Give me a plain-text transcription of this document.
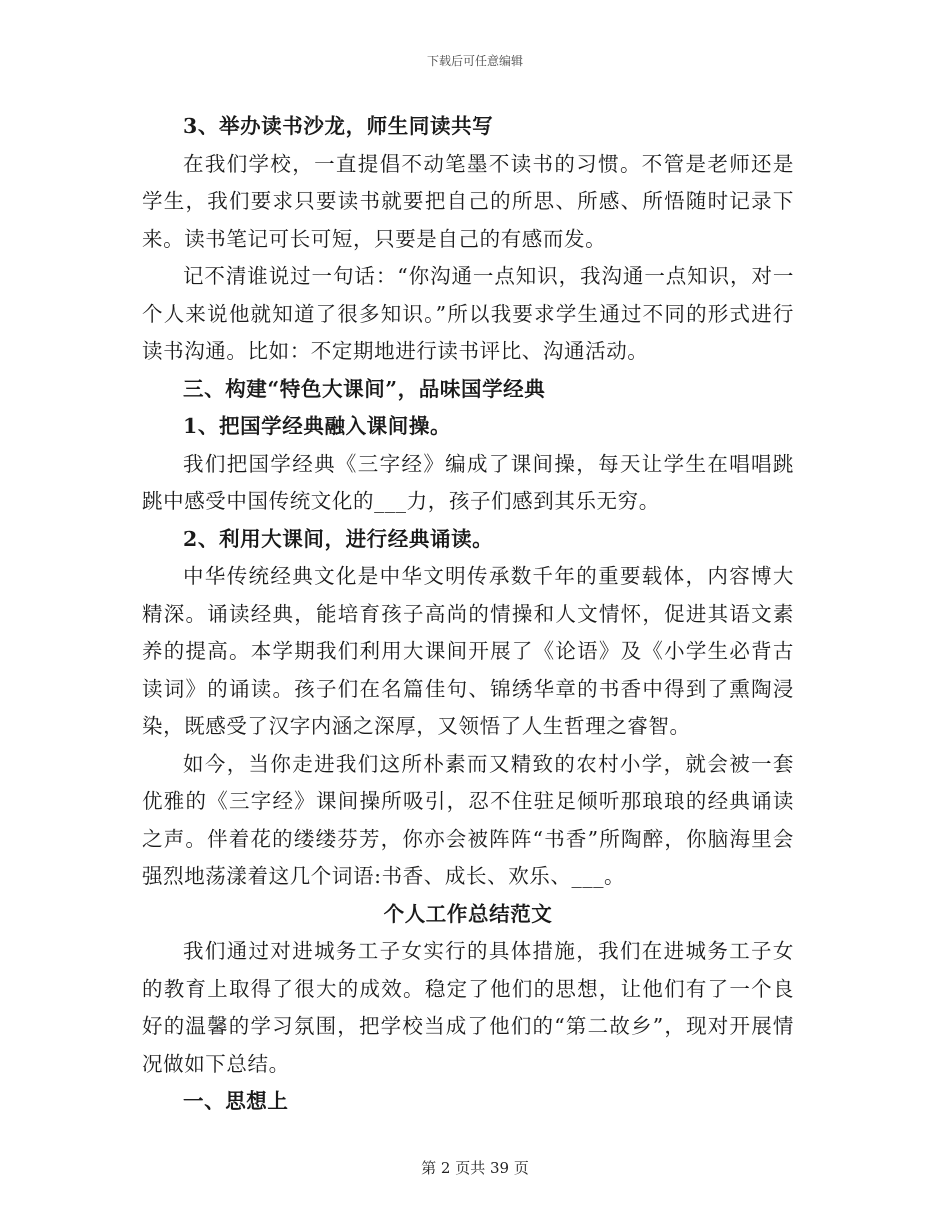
下载后可任意编辑
3、举办读书沙龙，师生同读共写

在我们学校，一直提倡不动笔墨不读书的习惯。不管是老师还是学生，我们要求只要读书就要把自己的所思、所感、所悟随时记录下来。读书笔记可长可短，只要是自己的有感而发。

记不清谁说过一句话：“你沟通一点知识，我沟通一点知识，对一个人来说他就知道了很多知识。”所以我要求学生通过不同的形式进行读书沟通。比如：不定期地进行读书评比、沟通活动。

三、构建“特色大课间”，品味国学经典
1、把国学经典融入课间操。

我们把国学经典《三字经》编成了课间操，每天让学生在唱唱跳跳中感受中国传统文化的___力，孩子们感到其乐无穷。

2、利用大课间，进行经典诵读。

中华传统经典文化是中华文明传承数千年的重要载体，内容博大精深。诵读经典，能培育孩子高尚的情操和人文情怀，促进其语文素养的提高。本学期我们利用大课间开展了《论语》及《小学生必背古读词》的诵读。孩子们在名篇佳句、锦绣华章的书香中得到了熏陶浸染，既感受了汉字内涵之深厚，又领悟了人生哲理之睿智。

如今，当你走进我们这所朴素而又精致的农村小学，就会被一套优雅的《三字经》课间操所吸引，忍不住驻足倾听那琅琅的经典诵读之声。伴着花的缕缕芬芳，你亦会被阵阵“书香”所陶醉，你脑海里会强烈地荡漾着这几个词语:书香、成长、欢乐、___。

个人工作总结范文

我们通过对进城务工子女实行的具体措施，我们在进城务工子女的教育上取得了很大的成效。稳定了他们的思想，让他们有了一个良好的温馨的学习氛围，把学校当成了他们的“第二故乡”，现对开展情况做如下总结。

一、思想上
第 2 页共 39 页
